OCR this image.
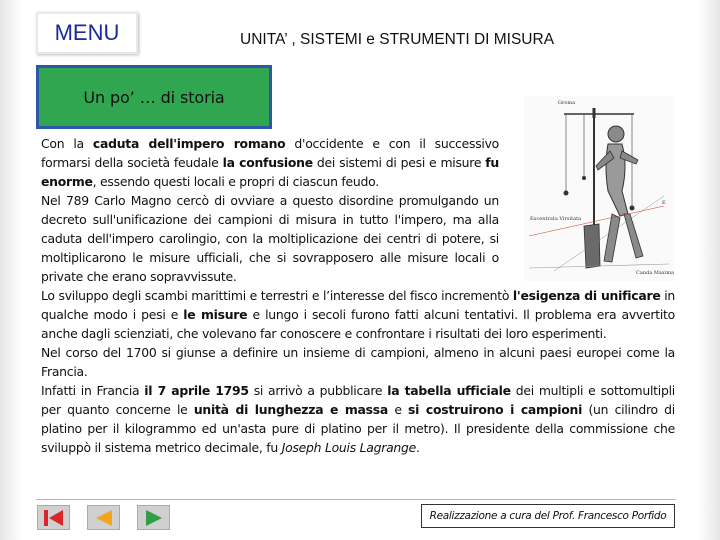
MENU	UNITA’ , SISTEMI e STRUMENTI DI MISURA
Un po’ … di storia	Groma
Excentrata Virsitata
E
Canda Maxima

Con la caduta dell'impero romano d'occidente e con il successivo formarsi della società feudale la confusione dei sistemi di pesi e misure fu enorme, essendo questi locali e propri di ciascun feudo.

Nel 789 Carlo Magno cercò di ovviare a questo disordine promulgando un decreto sull'unificazione dei campioni di misura in tutto l'impero, ma alla caduta dell'impero carolingio, con la moltiplicazione dei centri di potere, si moltiplicarono le misure ufficiali, che si sovrapposero alle misure locali o private che erano sopravvissute.

Lo sviluppo degli scambi marittimi e terrestri e l’interesse del fisco incrementò l'esigenza di unificare in qualche modo i pesi e le misure e lungo i secoli furono fatti alcuni tentativi. Il problema era avvertito anche dagli scienziati, che volevano far conoscere e confrontare i risultati dei loro esperimenti.

Nel corso del 1700 si giunse a definire un insieme di campioni, almeno in alcuni paesi europei come la Francia.

Infatti in Francia il 7 aprile 1795 si arrivò a pubblicare la tabella ufficiale dei multipli e sottomultipli per quanto concerne le unità di lunghezza e massa e si costruirono i campioni (un cilindro di platino per il kilogrammo ed un'asta pure di platino per il metro). Il presidente della commissione che sviluppò il sistema metrico decimale, fu Joseph Louis Lagrange.

Realizzazione a cura del Prof. Francesco Porfido
